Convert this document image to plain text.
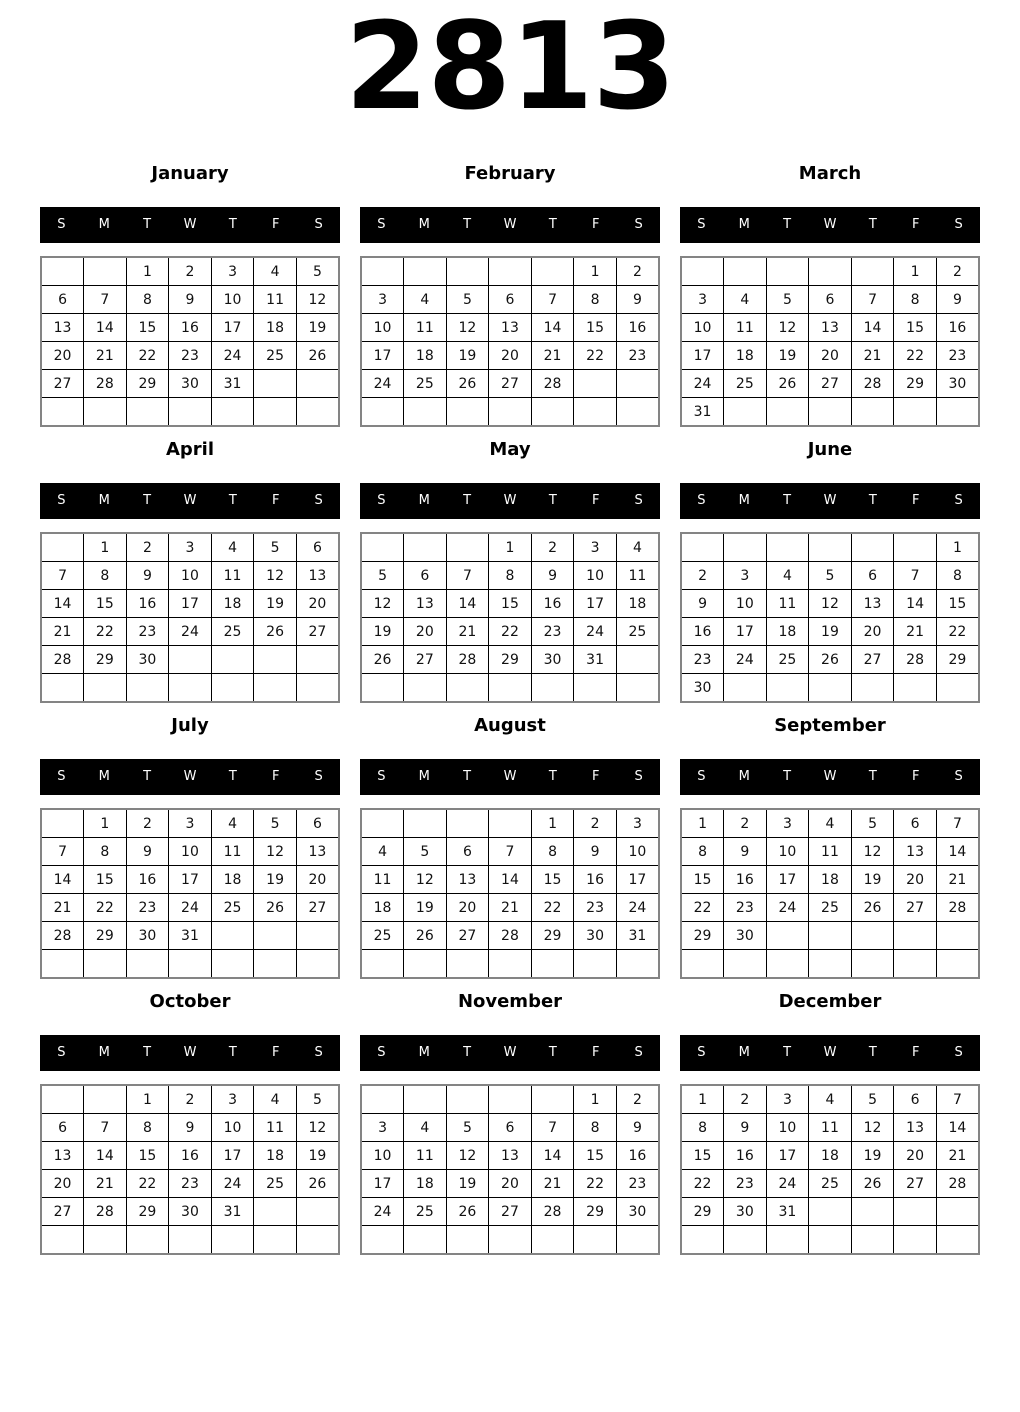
2813
January
S	M	T	W	T	F	S
		1	2	3	4	5
6	7	8	9	10	11	12
13	14	15	16	17	18	19
20	21	22	23	24	25	26
27	28	29	30	31		

February
S	M	T	W	T	F	S
					1	2
3	4	5	6	7	8	9
10	11	12	13	14	15	16
17	18	19	20	21	22	23
24	25	26	27	28		

March
S	M	T	W	T	F	S
					1	2
3	4	5	6	7	8	9
10	11	12	13	14	15	16
17	18	19	20	21	22	23
24	25	26	27	28	29	30
31						
April
S	M	T	W	T	F	S
	1	2	3	4	5	6
7	8	9	10	11	12	13
14	15	16	17	18	19	20
21	22	23	24	25	26	27
28	29	30				

May
S	M	T	W	T	F	S
			1	2	3	4
5	6	7	8	9	10	11
12	13	14	15	16	17	18
19	20	21	22	23	24	25
26	27	28	29	30	31	

June
S	M	T	W	T	F	S
						1
2	3	4	5	6	7	8
9	10	11	12	13	14	15
16	17	18	19	20	21	22
23	24	25	26	27	28	29
30						
July
S	M	T	W	T	F	S
	1	2	3	4	5	6
7	8	9	10	11	12	13
14	15	16	17	18	19	20
21	22	23	24	25	26	27
28	29	30	31			

August
S	M	T	W	T	F	S
				1	2	3
4	5	6	7	8	9	10
11	12	13	14	15	16	17
18	19	20	21	22	23	24
25	26	27	28	29	30	31

September
S	M	T	W	T	F	S
1	2	3	4	5	6	7
8	9	10	11	12	13	14
15	16	17	18	19	20	21
22	23	24	25	26	27	28
29	30					

October
S	M	T	W	T	F	S
		1	2	3	4	5
6	7	8	9	10	11	12
13	14	15	16	17	18	19
20	21	22	23	24	25	26
27	28	29	30	31		

November
S	M	T	W	T	F	S
					1	2
3	4	5	6	7	8	9
10	11	12	13	14	15	16
17	18	19	20	21	22	23
24	25	26	27	28	29	30

December
S	M	T	W	T	F	S
1	2	3	4	5	6	7
8	9	10	11	12	13	14
15	16	17	18	19	20	21
22	23	24	25	26	27	28
29	30	31				
